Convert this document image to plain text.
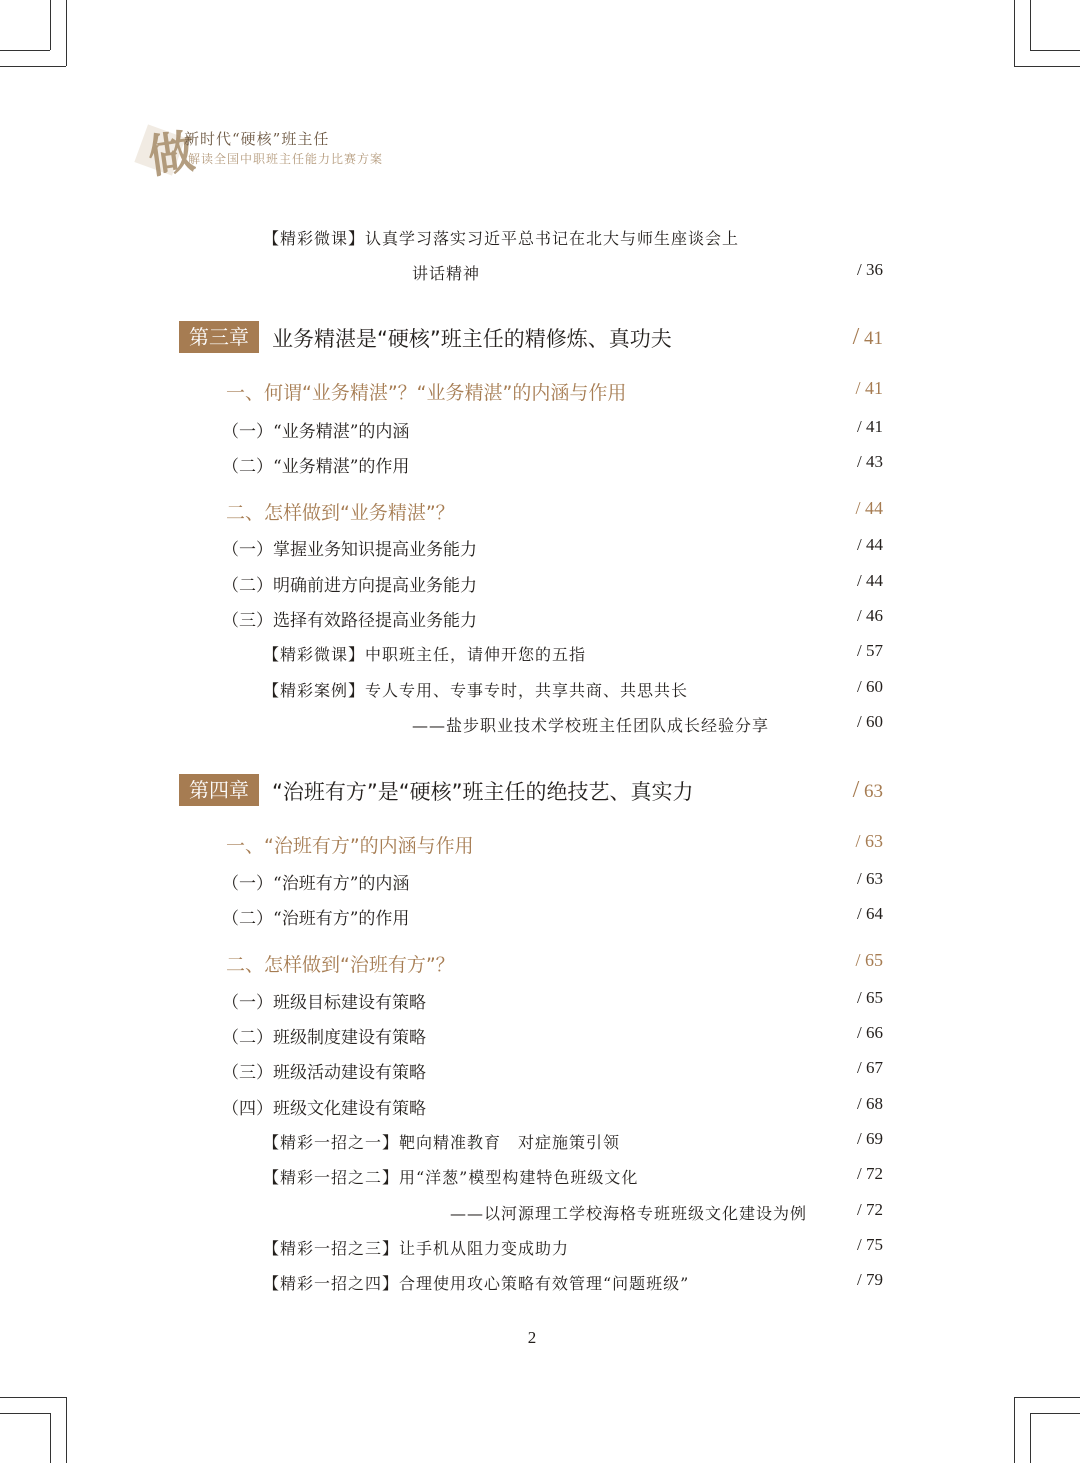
做
新时代“硬核”班主任
解读全国中职班主任能力比赛方案
【精彩微课】认真学习落实习近平总书记在北大与师生座谈会上
讲话精神	/ 36
第三章	业务精湛是“硬核”班主任的精修炼、真功夫	/ 41
一、何谓“业务精湛”？“业务精湛”的内涵与作用	/ 41
（一）“业务精湛”的内涵	/ 41
（二）“业务精湛”的作用	/ 43
二、怎样做到“业务精湛”？	/ 44
（一）掌握业务知识提高业务能力	/ 44
（二）明确前进方向提高业务能力	/ 44
（三）选择有效路径提高业务能力	/ 46
【精彩微课】中职班主任，请伸开您的五指	/ 57
【精彩案例】专人专用、专事专时，共享共商、共思共长	/ 60
——盐步职业技术学校班主任团队成长经验分享	/ 60
第四章	“治班有方”是“硬核”班主任的绝技艺、真实力	/ 63
一、“治班有方”的内涵与作用	/ 63
（一）“治班有方”的内涵	/ 63
（二）“治班有方”的作用	/ 64
二、怎样做到“治班有方”？	/ 65
（一）班级目标建设有策略	/ 65
（二）班级制度建设有策略	/ 66
（三）班级活动建设有策略	/ 67
（四）班级文化建设有策略	/ 68
【精彩一招之一】靶向精准教育　对症施策引领	/ 69
【精彩一招之二】用“洋葱”模型构建特色班级文化	/ 72
——以河源理工学校海格专班班级文化建设为例	/ 72
【精彩一招之三】让手机从阻力变成助力	/ 75
【精彩一招之四】合理使用攻心策略有效管理“问题班级”	/ 79
2
